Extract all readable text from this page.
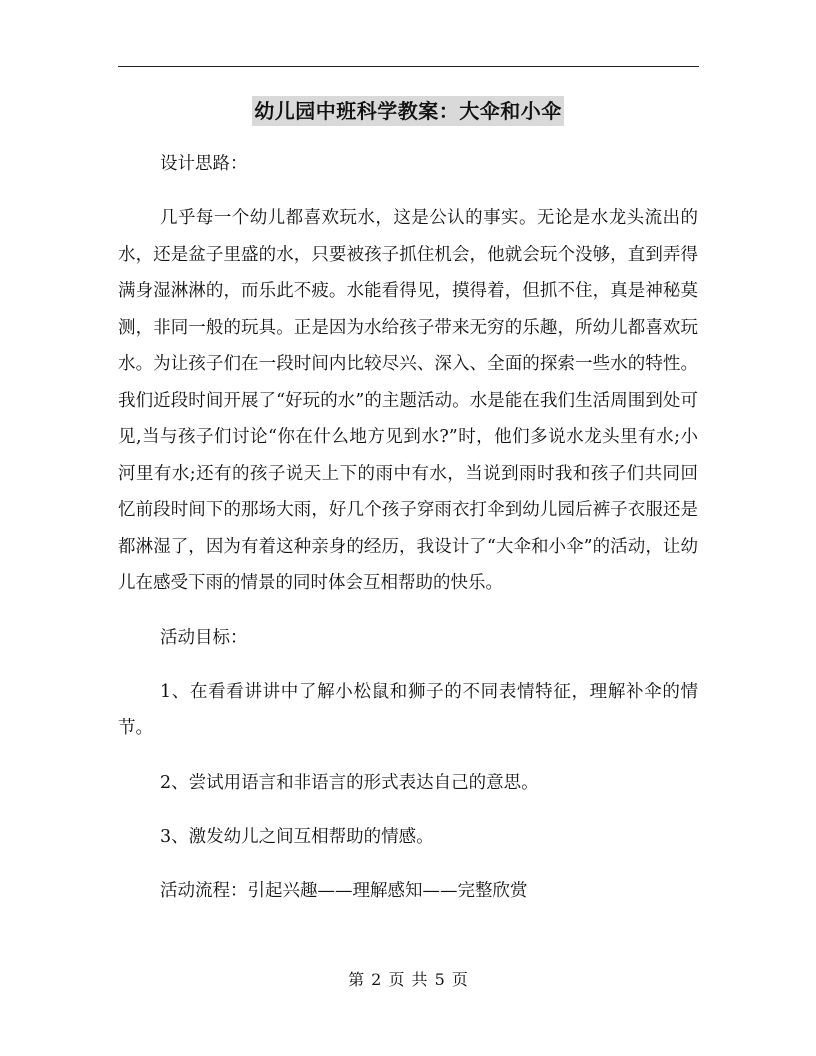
幼儿园中班科学教案：大伞和小伞

设计思路：

几乎每一个幼儿都喜欢玩水，这是公认的事实。无论是水龙头流出的水，还是盆子里盛的水，只要被孩子抓住机会，他就会玩个没够，直到弄得满身湿淋淋的，而乐此不疲。水能看得见，摸得着，但抓不住，真是神秘莫测，非同一般的玩具。正是因为水给孩子带来无穷的乐趣，所幼儿都喜欢玩水。为让孩子们在一段时间内比较尽兴、深入、全面的探索一些水的特性。我们近段时间开展了“好玩的水”的主题活动。水是能在我们生活周围到处可见,当与孩子们讨论“你在什么地方见到水?”时，他们多说水龙头里有水;小河里有水;还有的孩子说天上下的雨中有水，当说到雨时我和孩子们共同回忆前段时间下的那场大雨，好几个孩子穿雨衣打伞到幼儿园后裤子衣服还是都淋湿了，因为有着这种亲身的经历，我设计了“大伞和小伞”的活动，让幼儿在感受下雨的情景的同时体会互相帮助的快乐。

活动目标：

1、在看看讲讲中了解小松鼠和狮子的不同表情特征，理解补伞的情节。

2、尝试用语言和非语言的形式表达自己的意思。

3、激发幼儿之间互相帮助的情感。

活动流程：引起兴趣——理解感知——完整欣赏

第 2 页 共 5 页
